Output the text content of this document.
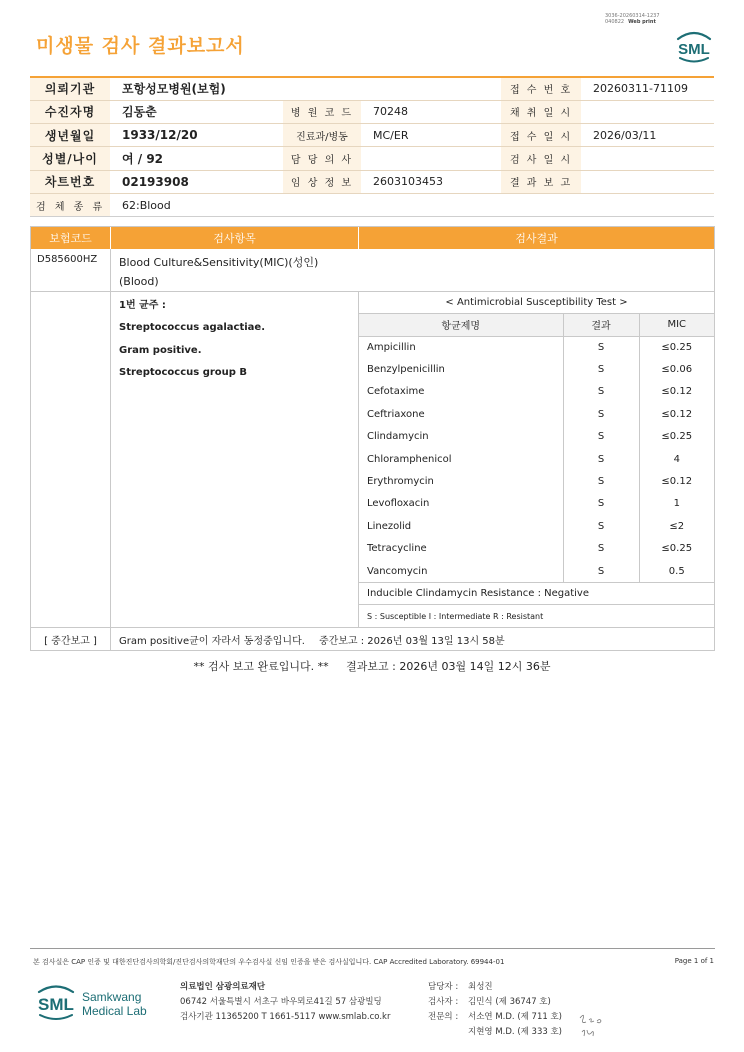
3036-20260314-1237
040822 Web print
미생물 검사 결과보고서	SML
의뢰기관	포항성모병원(보험)			접 수 번 호	20260311-71109
수진자명	김동춘	병 원 코 드	70248	채 취 일 시	
생년월일	1933/12/20	진료과/병동	MC/ER	접 수 일 시	2026/03/11
성별/나이	여 / 92	담 당 의 사		검 사 일 시	
차트번호	02193908	임 상 정 보	2603103453	결 과 보 고	
검 체 종 류	62:Blood				
보험코드	검사항목	검사결과
D585600HZ	Blood Culture&Sensitivity(MIC)(성인)
(Blood)
1번 균주 :
Streptococcus agalactiae.
Gram positive.
Streptococcus group B
< Antimicrobial Susceptibility Test >
항균제명	결과	MIC
Ampicillin	S	≤0.25
Benzylpenicillin	S	≤0.06
Cefotaxime	S	≤0.12
Ceftriaxone	S	≤0.12
Clindamycin	S	≤0.25
Chloramphenicol	S	4
Erythromycin	S	≤0.12
Levofloxacin	S	1
Linezolid	S	≤2
Tetracycline	S	≤0.25
Vancomycin	S	0.5
Inducible Clindamycin Resistance : Negative
S : Susceptible I : Intermediate R : Resistant
[ 중간보고 ]	Gram positive균이 자라서 동정중입니다. 중간보고 : 2026년 03월 13일 13시 58분
** 검사 보고 완료입니다. ** 결과보고 : 2026년 03월 14일 12시 36분
본 검사실은 CAP 인증 및 대한진단검사의학회/진단검사의학재단의 우수검사실 신임 인증을 받은 검사실입니다. CAP Accredited Laboratory. 69944-01	Page 1 of 1
SML Samkwang
Medical Lab
의료법인 삼광의료재단
06742 서울특별시 서초구 바우뫼로41길 57 삼광빌딩
검사기관 11365200 T 1661-5117 www.smlab.co.kr
담당자 :	최성진
검사자 :	김민식 (제 36747 호)
전문의 :	서소연 M.D. (제 711 호)
지현영 M.D. (제 333 호)
